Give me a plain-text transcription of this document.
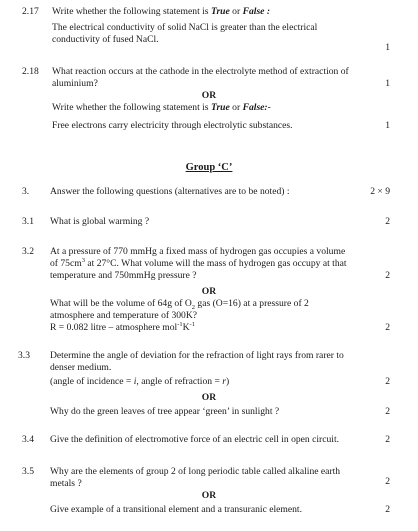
2.17 Write whether the following statement is True or False :
The electrical conductivity of solid NaCl is greater than the electrical
conductivity of fused NaCl.
1
2.18 What reaction occurs at the cathode in the electrolyte method of extraction of
aluminium?	1
OR
Write whether the following statement is True or False:-
Free electrons carry electricity through electrolytic substances.	1
Group ‘C’
3. Answer the following questions (alternatives are to be noted) :	2 × 9
3.1 What is global warming ?	2
3.2 At a pressure of 770 mmHg a fixed mass of hydrogen gas occupies a volume
of $75cm^3$ at 27°C. What volume will the mass of hydrogen gas occupy at that
temperature and 750mmHg pressure ?	2
OR
What will be the volume of 64g of $O_2$ gas (O=16) at a pressure of 2
atmosphere and temperature of 300K?
R = 0.082 litre – atmosphere $mol^{-1}K^{-1}$	2
3.3 Determine the angle of deviation for the refraction of light rays from rarer to
denser medium.
(angle of incidence = i, angle of refraction = r)	2
OR
Why do the green leaves of tree appear ‘green’ in sunlight ?	2
3.4 Give the definition of electromotive force of an electric cell in open circuit.	2
3.5 Why are the elements of group 2 of long periodic table called alkaline earth
metals ?	2
OR
Give example of a transitional element and a transuranic element.	2
